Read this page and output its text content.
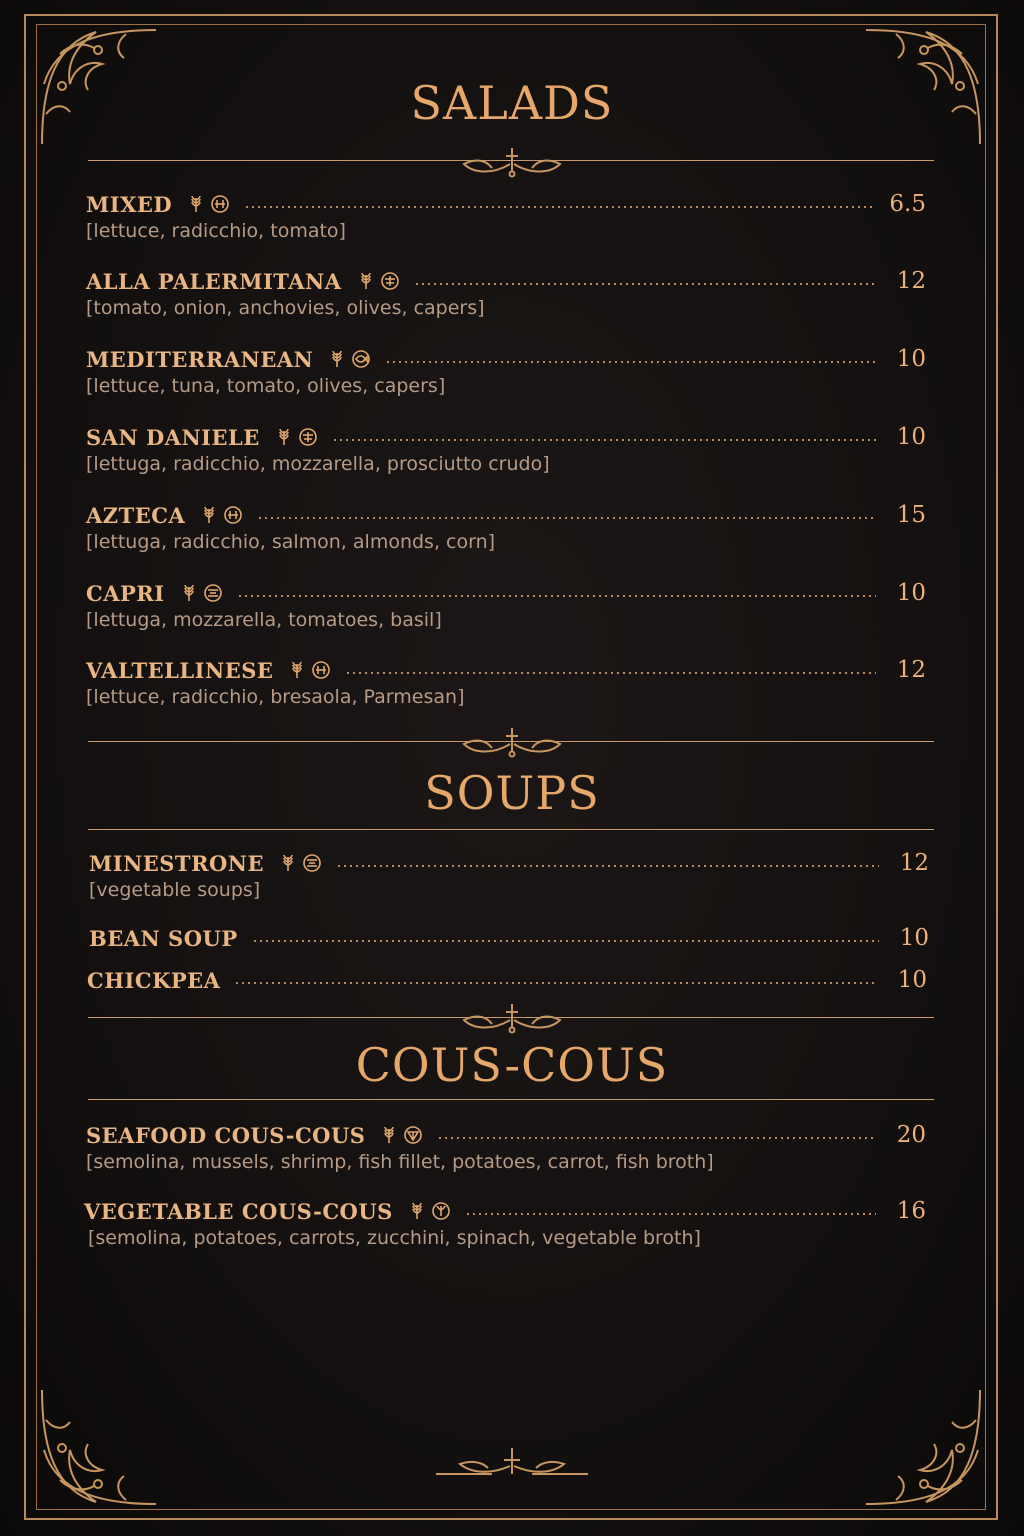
SALADS
MIXED	6.5
[lettuce, radicchio, tomato]
ALLA PALERMITANA	12
[tomato, onion, anchovies, olives, capers]
MEDITERRANEAN	10
[lettuce, tuna, tomato, olives, capers]
SAN DANIELE	10
[lettuga, radicchio, mozzarella, prosciutto crudo]
AZTECA	15
[lettuga, radicchio, salmon, almonds, corn]
CAPRI	10
[lettuga, mozzarella, tomatoes, basil]
VALTELLINESE	12
[lettuce, radicchio, bresaola, Parmesan]
SOUPS
MINESTRONE	12
[vegetable soups]
BEAN SOUP	10
CHICKPEA	10
COUS-COUS
SEAFOOD COUS-COUS	20
[semolina, mussels, shrimp, fish fillet, potatoes, carrot, fish broth]
VEGETABLE COUS-COUS	16
[semolina, potatoes, carrots, zucchini, spinach, vegetable broth]
